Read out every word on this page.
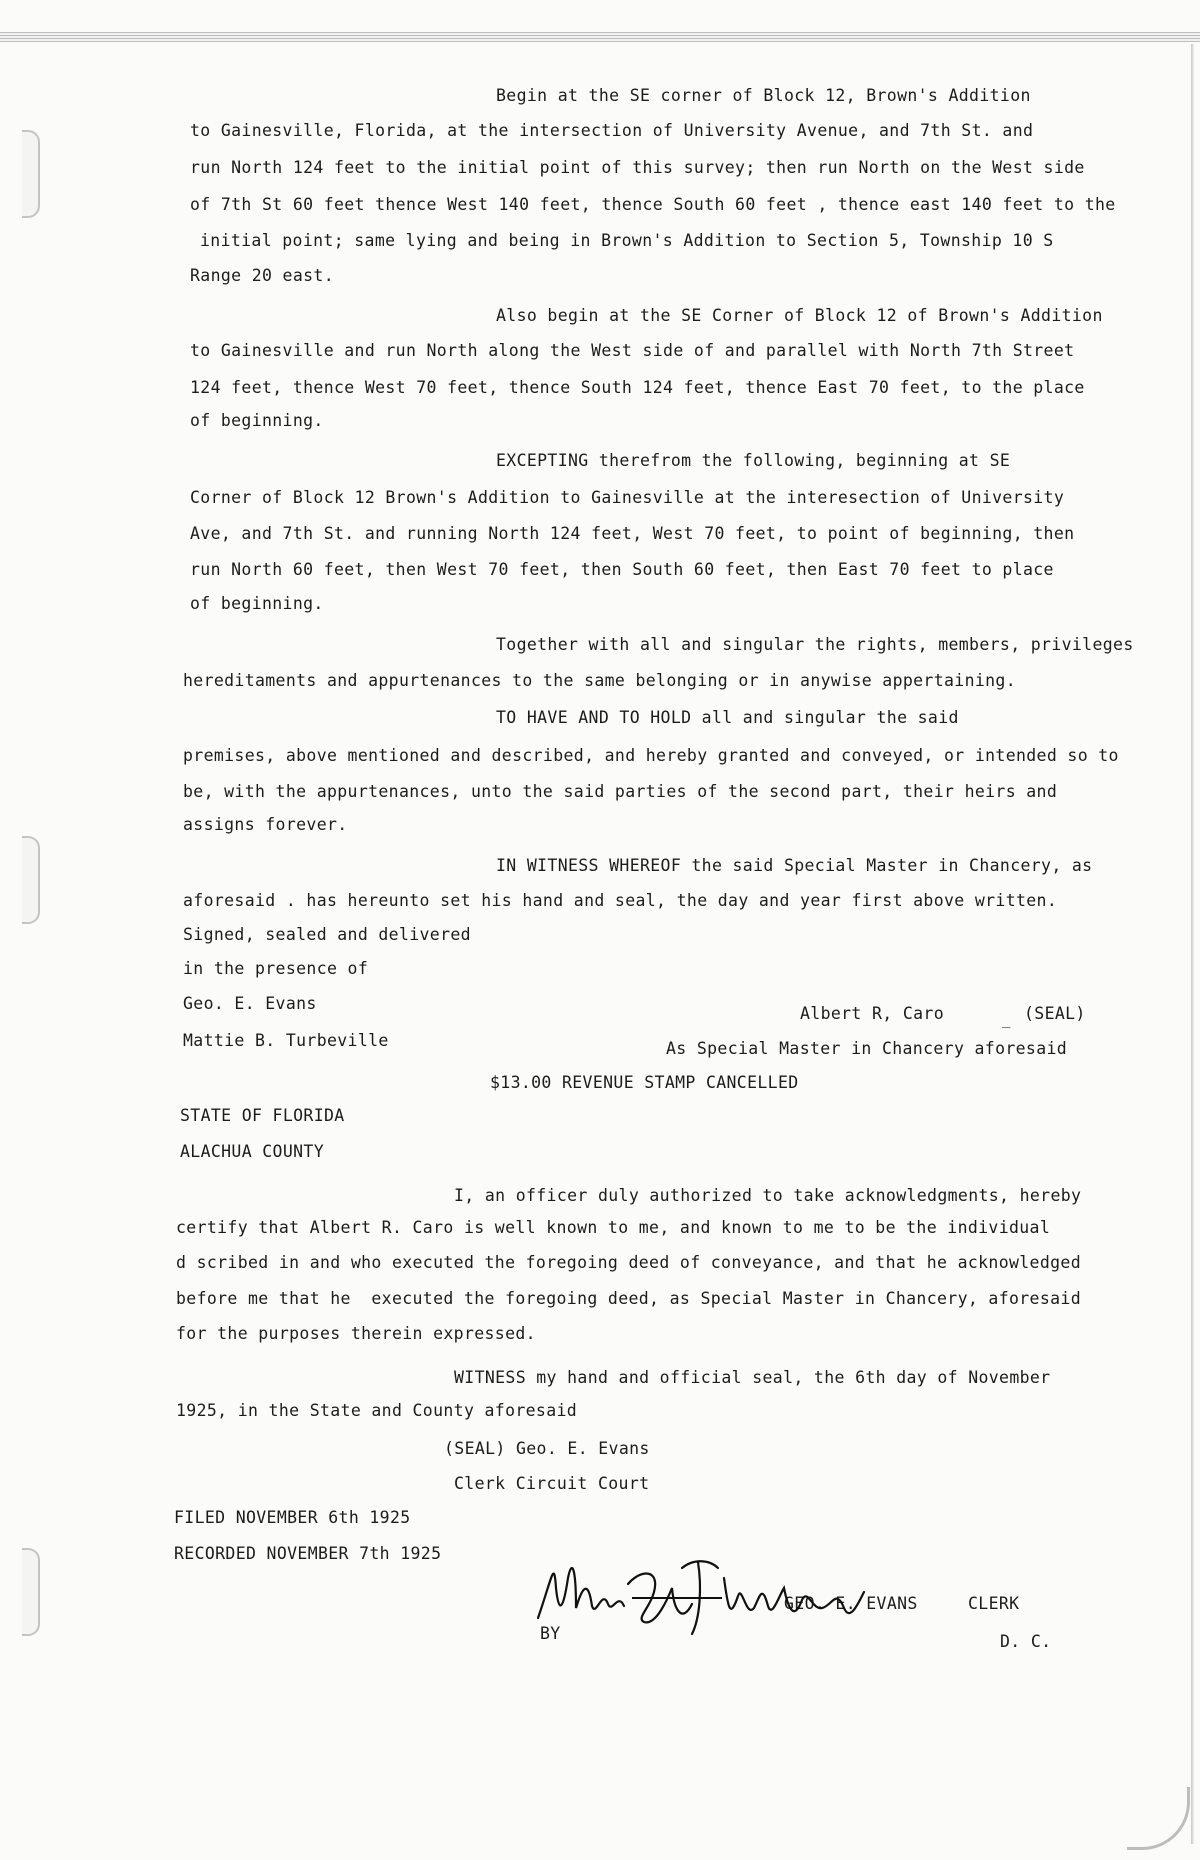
Begin at the SE corner of Block 12, Brown's Addition
to Gainesville, Florida, at the intersection of University Avenue, and 7th St. and
run North 124 feet to the initial point of this survey; then run North on the West side
of 7th St 60 feet thence West 140 feet, thence South 60 feet , thence east 140 feet to the
initial point; same lying and being in Brown's Addition to Section 5, Township 10 S
Range 20 east.
Also begin at the SE Corner of Block 12 of Brown's Addition
to Gainesville and run North along the West side of and parallel with North 7th Street
124 feet, thence West 70 feet, thence South 124 feet, thence East 70 feet, to the place
of beginning.
EXCEPTING therefrom the following, beginning at SE
Corner of Block 12 Brown's Addition to Gainesville at the interesection of University
Ave, and 7th St. and running North 124 feet, West 70 feet, to point of beginning, then
run North 60 feet, then West 70 feet, then South 60 feet, then East 70 feet to place
of beginning.
Together with all and singular the rights, members, privileges
hereditaments and appurtenances to the same belonging or in anywise appertaining.
TO HAVE AND TO HOLD all and singular the said
premises, above mentioned and described, and hereby granted and conveyed, or intended so to
be, with the appurtenances, unto the said parties of the second part, their heirs and
assigns forever.
IN WITNESS WHEREOF the said Special Master in Chancery, as
aforesaid . has hereunto set his hand and seal, the day and year first above written.
Signed, sealed and delivered
in the presence of
Geo. E. Evans
Mattie B. Turbeville
Albert R, Caro	_ (SEAL)
As Special Master in Chancery aforesaid
$13.00 REVENUE STAMP CANCELLED
STATE OF FLORIDA
ALACHUA COUNTY
I, an officer duly authorized to take acknowledgments, hereby
certify that Albert R. Caro is well known to me, and known to me to be the individual
d scribed in and who executed the foregoing deed of conveyance, and that he acknowledged
before me that he  executed the foregoing deed, as Special Master in Chancery, aforesaid
for the purposes therein expressed.
WITNESS my hand and official seal, the 6th day of November
1925, in the State and County aforesaid
(SEAL) Geo. E. Evans
Clerk Circuit Court
FILED NOVEMBER 6th 1925
RECORDED NOVEMBER 7th 1925
BY
GEO. E. EVANS	CLERK
D. C.
